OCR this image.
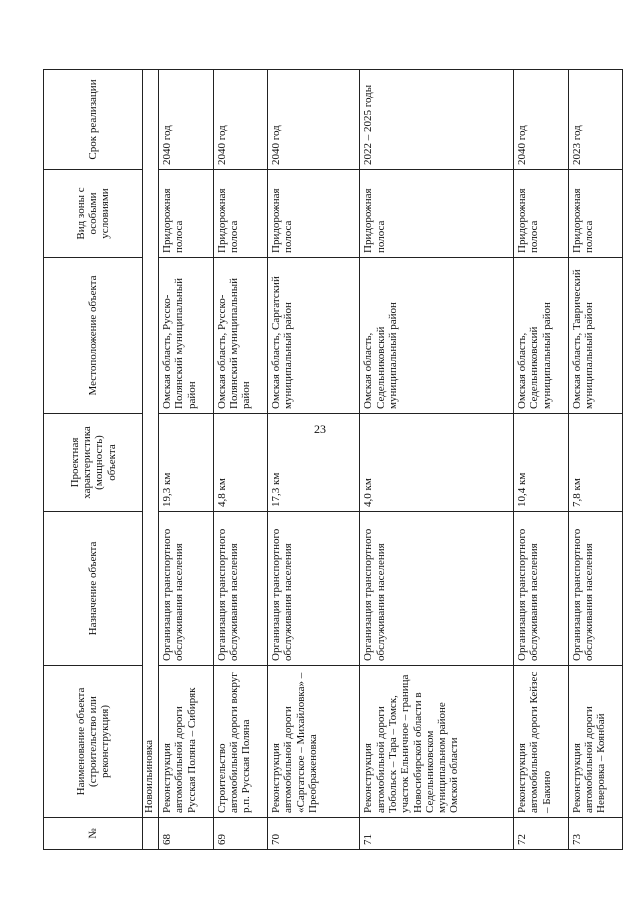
23
№	Наименование объекта (строительство или реконструкция)	Назначение объекта	Проектная характеристика (мощность) объекта	Местоположение объекта	Вид зоны с особыми условиями	Срок реализации
	Новоильиновка					
68	Реконструкция автомобильной дороги Русская Поляна – Сибиряк	Организация транспортного обслуживания населения	19,3 км	Омская область, Русско-Полянский муниципальный район	Придорожная полоса	2040 год
69	Строительство автомобильной дороги вокруг р.п. Русская Поляна	Организация транспортного обслуживания населения	4,8 км	Омская область, Русско-Полянский муниципальный район	Придорожная полоса	2040 год
70	Реконструкция автомобильной дороги «Саргатское – Михайловка» – Преображеновка	Организация транспортного обслуживания населения	17,3 км	Омская область, Саргатский муниципальный район	Придорожная полоса	2040 год
71	Реконструкция автомобильной дороги Тобольск – Тара – Томск, участок Ельничное – граница Новосибирской области в Седельниковском муниципальном районе Омской области	Организация транспортного обслуживания населения	4,0 км	Омская область, Седельниковский муниципальный район	Придорожная полоса	2022 – 2025 годы
72	Реконструкция автомобильной дороги Кейзес – Бакино	Организация транспортного обслуживания населения	10,4 км	Омская область, Седельниковский муниципальный район	Придорожная полоса	2040 год
73	Реконструкция автомобильной дороги Неверовка – Коянбай	Организация транспортного обслуживания населения	7,8 км	Омская область, Таврический муниципальный район	Придорожная полоса	2023 год
